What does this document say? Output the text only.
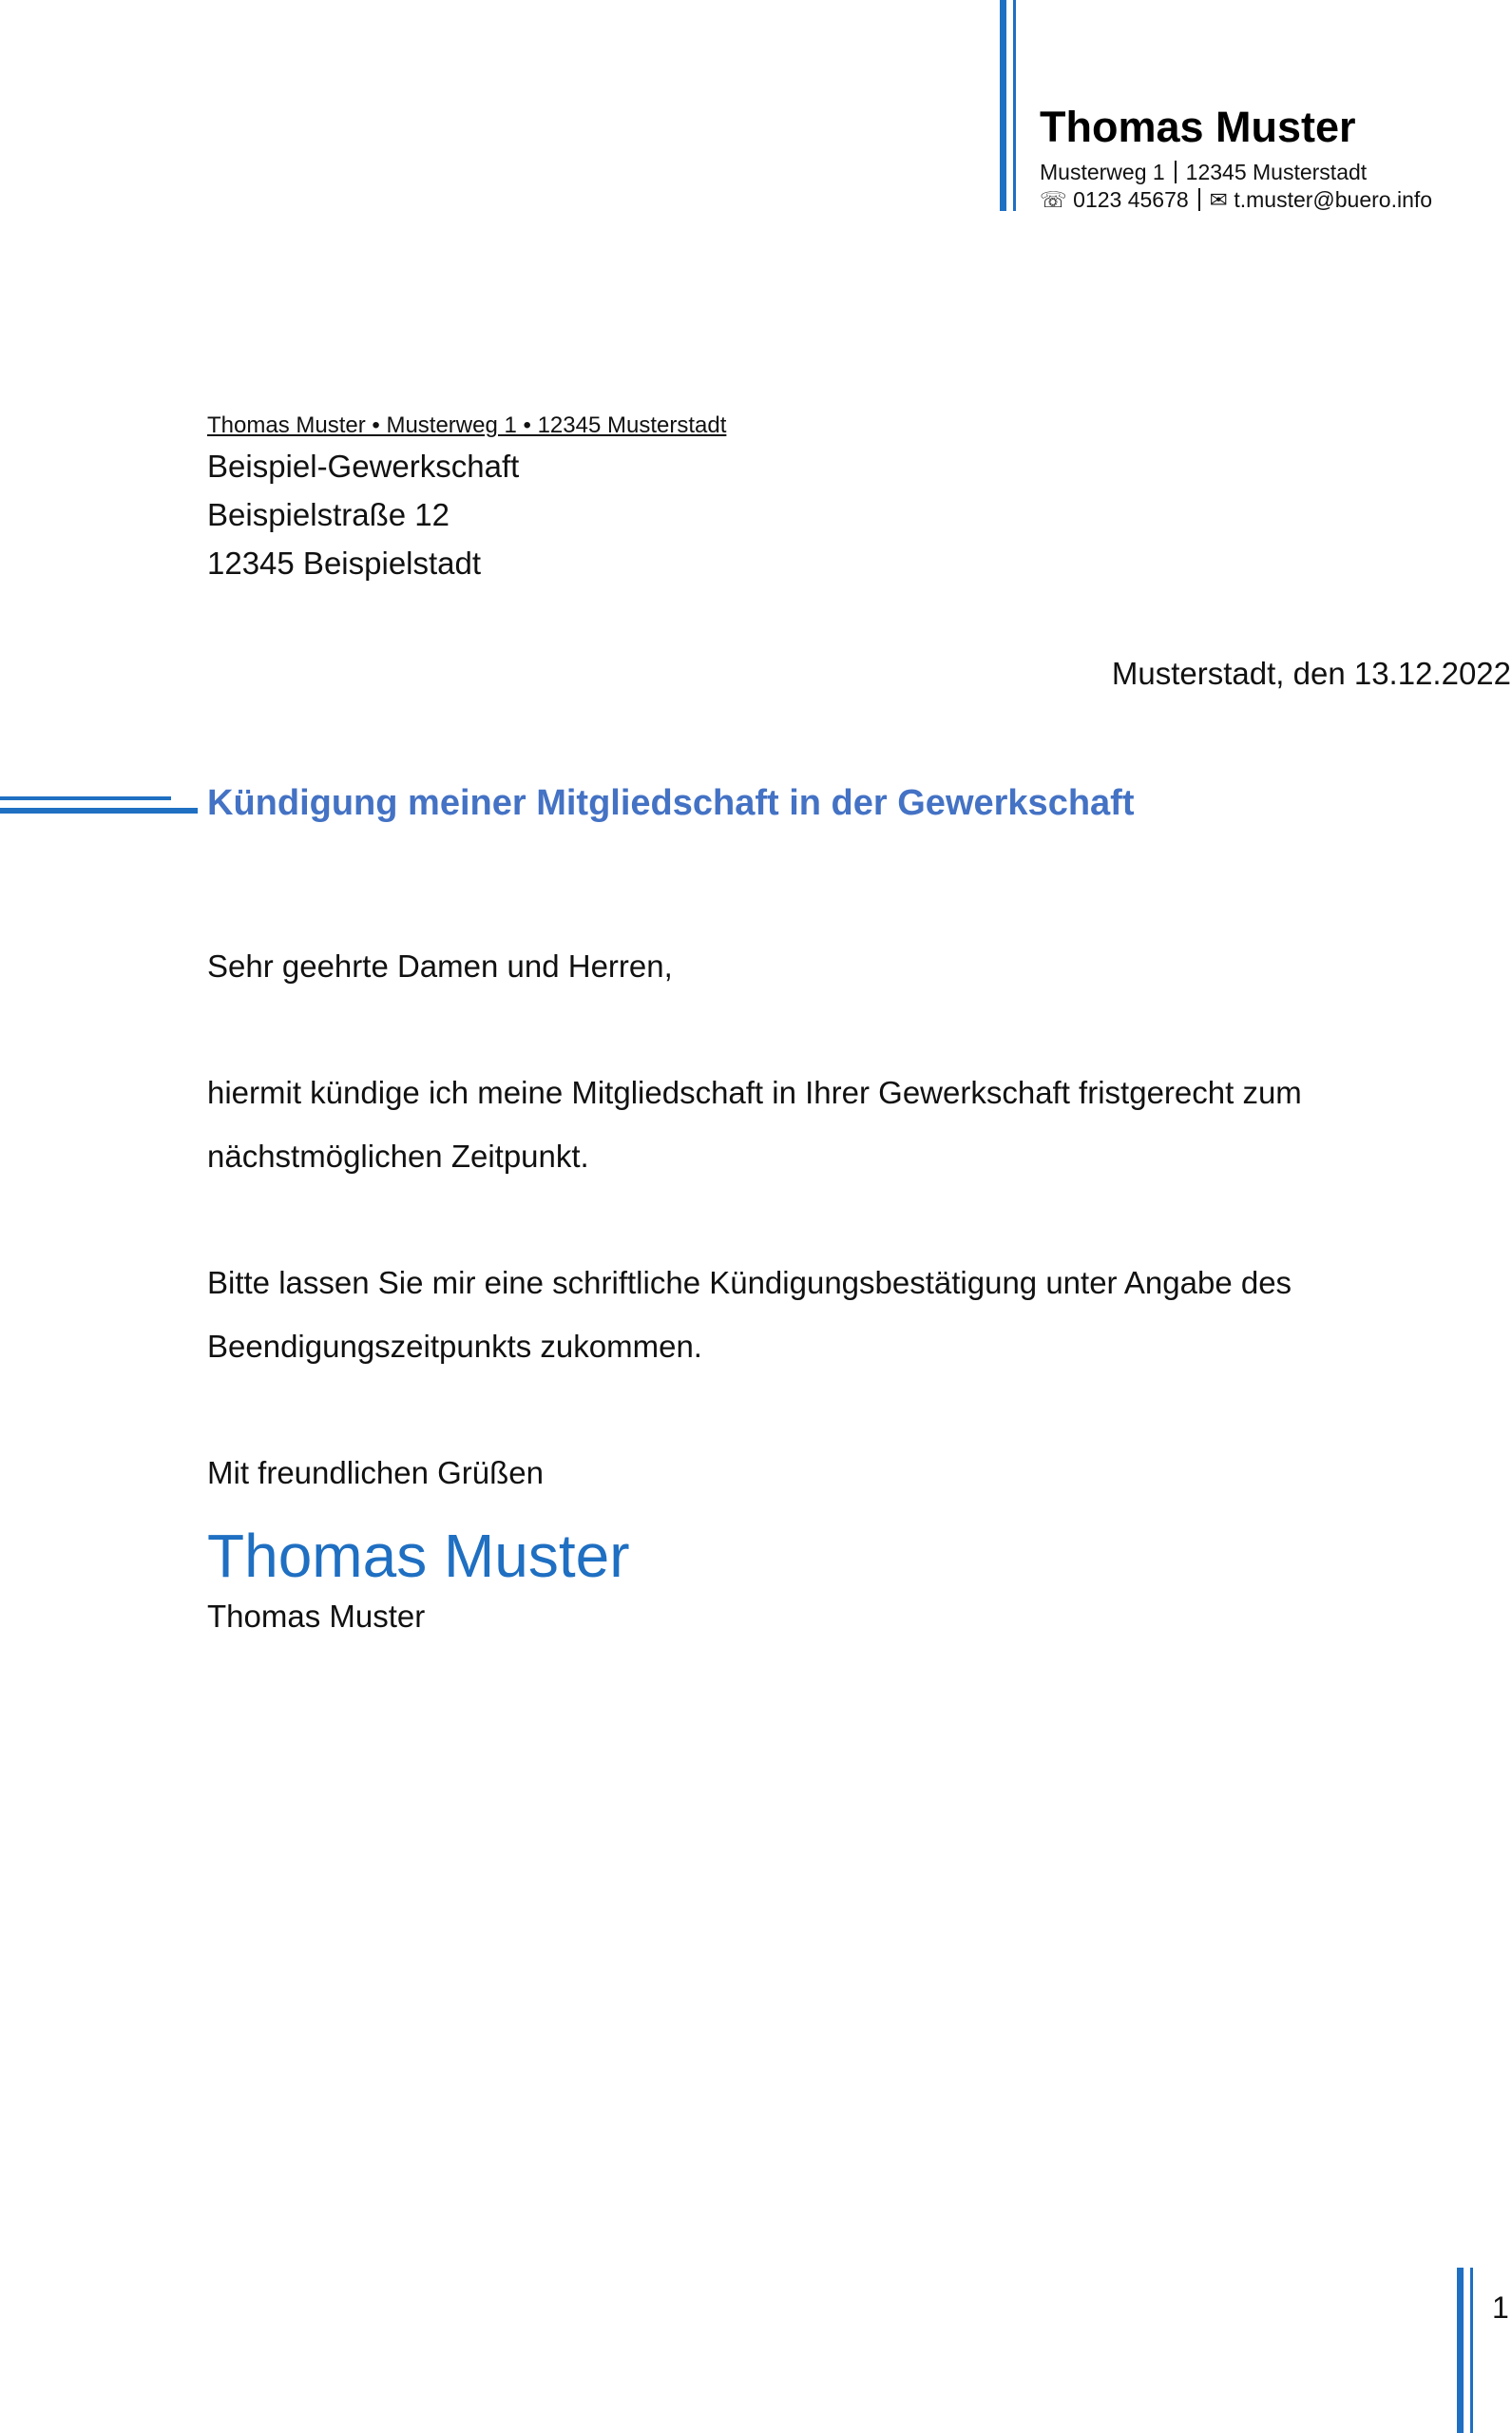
Thomas Muster
Musterweg 1 12345 Musterstadt
☏ 0123 45678 ✉ t.muster@buero.info
Thomas Muster • Musterweg 1 • 12345 Musterstadt
Beispiel-Gewerkschaft
Beispielstraße 12
12345 Beispielstadt
Musterstadt, den 13.12.2022
Kündigung meiner Mitgliedschaft in der Gewerkschaft
Sehr geehrte Damen und Herren,
hiermit kündige ich meine Mitgliedschaft in Ihrer Gewerkschaft fristgerecht zum
nächstmöglichen Zeitpunkt.
Bitte lassen Sie mir eine schriftliche Kündigungsbestätigung unter Angabe des
Beendigungszeitpunkts zukommen.
Mit freundlichen Grüßen
Thomas Muster
Thomas Muster
1
